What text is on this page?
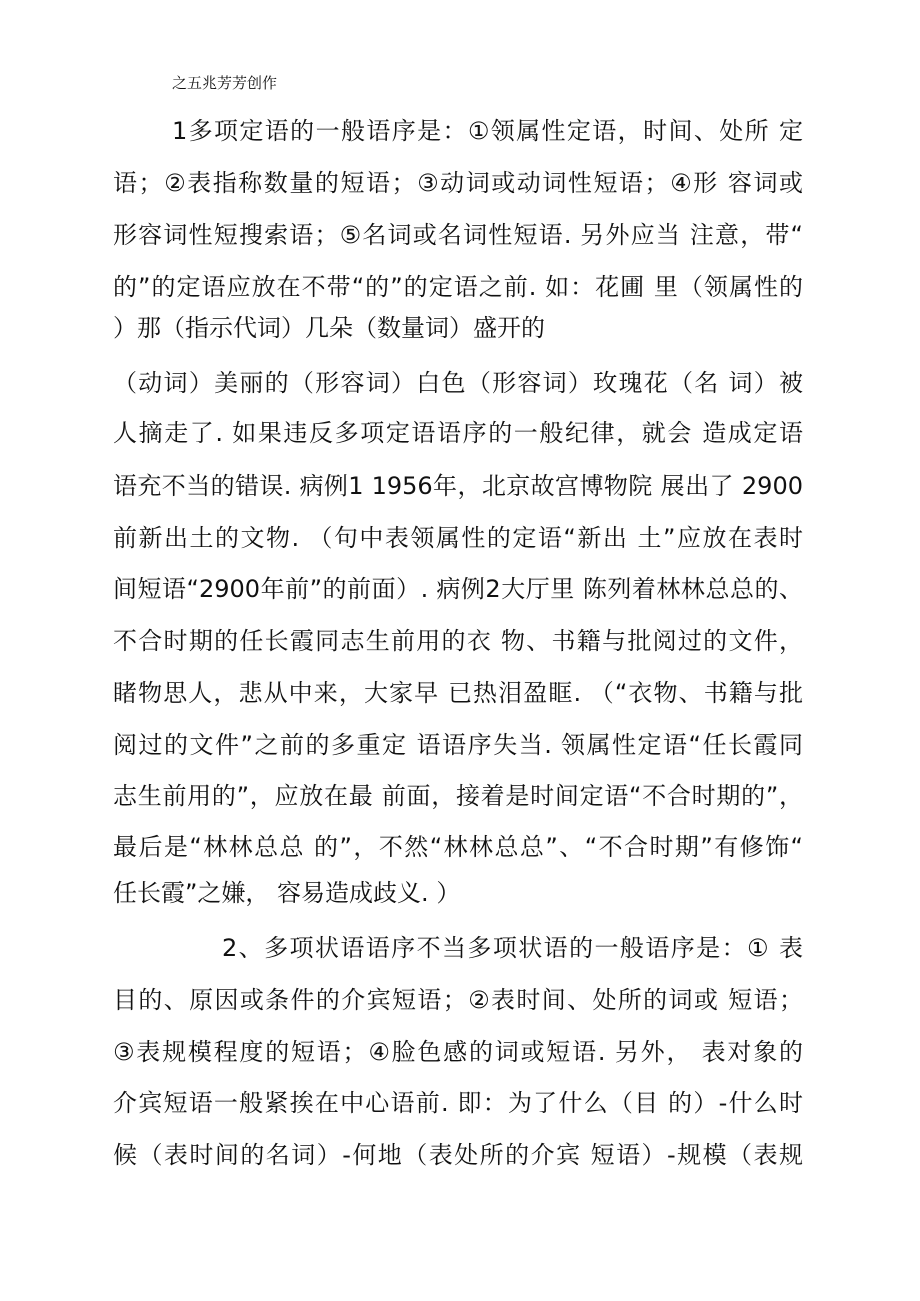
之五兆芳芳创作
1多项定语的一般语序是：①领属性定语，时间、处所 定
语；②表指称数量的短语；③动词或动词性短语；④形 容词或
形容词性短搜索语；⑤名词或名词性短语. 另外应当 注意，带“
的”的定语应放在不带“的”的定语之前. 如：花圃 里（领属性的
）那（指示代词）几朵（数量词）盛开的
（动词）美丽的（形容词）白色（形容词）玫瑰花（名 词）被
人摘走了. 如果违反多项定语语序的一般纪律，就会 造成定语
语充不当的错误. 病例1 1956年，北京故宫博物院 展出了 2900
前新出土的文物. （句中表领属性的定语“新出 土”应放在表时
间短语“2900年前”的前面）. 病例2大厅里 陈列着林林总总的、
不合时期的任长霞同志生前用的衣 物、书籍与批阅过的文件，
睹物思人，悲从中来，大家早 已热泪盈眶. （“衣物、书籍与批
阅过的文件”之前的多重定 语语序失当. 领属性定语“任长霞同
志生前用的”，应放在最 前面，接着是时间定语“不合时期的”，
最后是“林林总总 的”，不然“林林总总”、“不合时期”有修饰“
任长霞”之嫌， 容易造成歧义. ）
2、多项状语语序不当多项状语的一般语序是：① 表
目的、原因或条件的介宾短语；②表时间、处所的词或 短语；
③表规模程度的短语；④脸色感的词或短语. 另外， 表对象的
介宾短语一般紧挨在中心语前. 即：为了什么（目 的）-什么时
候（表时间的名词）-何地（表处所的介宾 短语）-规模（表规
